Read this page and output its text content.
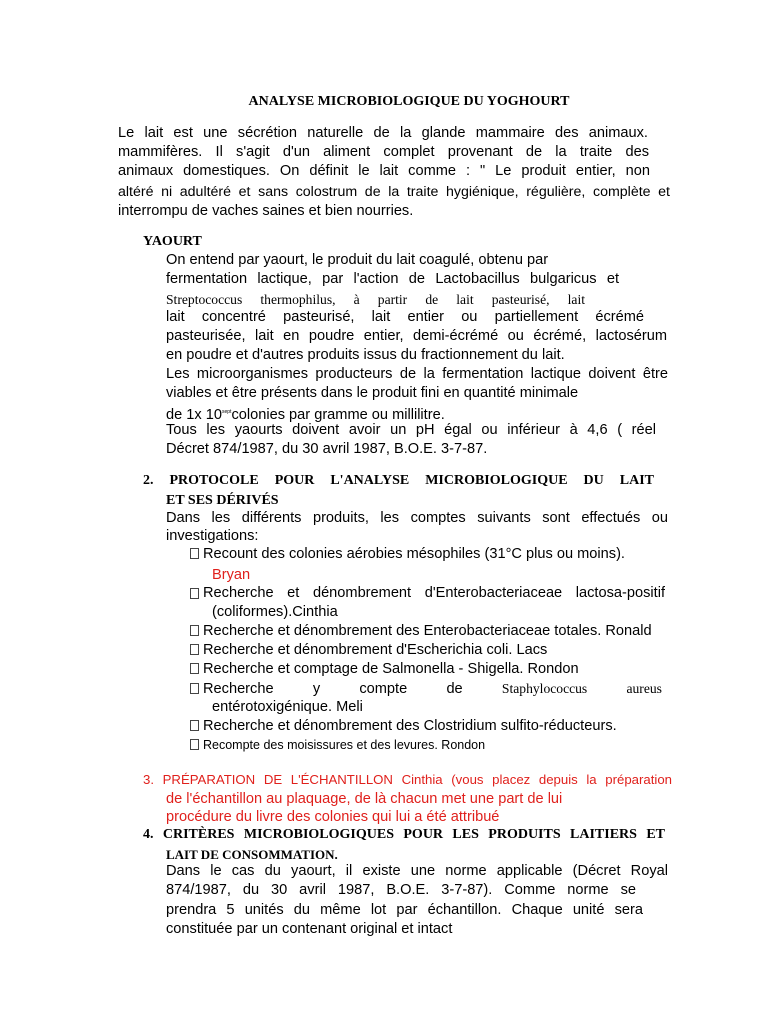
ANALYSE MICROBIOLOGIQUE DU YOGHOURT
Le lait est une sécrétion naturelle de la glande mammaire des animaux.
mammifères. Il s'agit d'un aliment complet provenant de la traite des
animaux domestiques. On définit le lait comme : " Le produit entier, non
altéré ni adultéré et sans colostrum de la traite hygiénique, régulière, complète et
interrompu de vaches saines et bien nourries.
YAOURT
On entend par yaourt, le produit du lait coagulé, obtenu par
fermentation lactique, par l'action de Lactobacillus bulgaricus et
Streptococcus thermophilus, à partir de lait pasteurisé, lait
lait concentré pasteurisé, lait entier ou partiellement écrémé
pasteurisée, lait en poudre entier, demi-écrémé ou écrémé, lactosérum
en poudre et d'autres produits issus du fractionnement du lait.
Les microorganismes producteurs de la fermentation lactique doivent être
viables et être présents dans le produit fini en quantité minimale
de 1x $10^{sept}colonies$ par gramme ou millilitre.
Tous les yaourts doivent avoir un pH égal ou inférieur à 4,6 ( réel
Décret 874/1987, du 30 avril 1987, B.O.E. 3-7-87.
2. PROTOCOLE POUR L'ANALYSE MICROBIOLOGIQUE DU LAIT
ET SES DÉRIVÉS
Dans les différents produits, les comptes suivants sont effectués ou
investigations:
Recount des colonies aérobies mésophiles (31°C plus ou moins).
Bryan
Recherche et dénombrement d'Enterobacteriaceae lactosa-positif
(coliformes).Cinthia
Recherche et dénombrement des Enterobacteriaceae totales. Ronald
Recherche et dénombrement d'Escherichia coli. Lacs
Recherche et comptage de Salmonella - Shigella. Rondon
Recherche	y	compte	de	Staphylococcus	aureus
entérotoxigénique. Meli
Recherche et dénombrement des Clostridium sulfito-réducteurs.
Recompte des moisissures et des levures. Rondon
3. PRÉPARATION DE L'ÉCHANTILLON Cinthia (vous placez depuis la préparation
de l'échantillon au plaquage, de là chacun met une part de lui
procédure du livre des colonies qui lui a été attribué
4. CRITÈRES MICROBIOLOGIQUES POUR LES PRODUITS LAITIERS ET
LAIT DE CONSOMMATION.
Dans le cas du yaourt, il existe une norme applicable (Décret Royal
874/1987, du 30 avril 1987, B.O.E. 3-7-87). Comme norme se
prendra 5 unités du même lot par échantillon. Chaque unité sera
constituée par un contenant original et intact
